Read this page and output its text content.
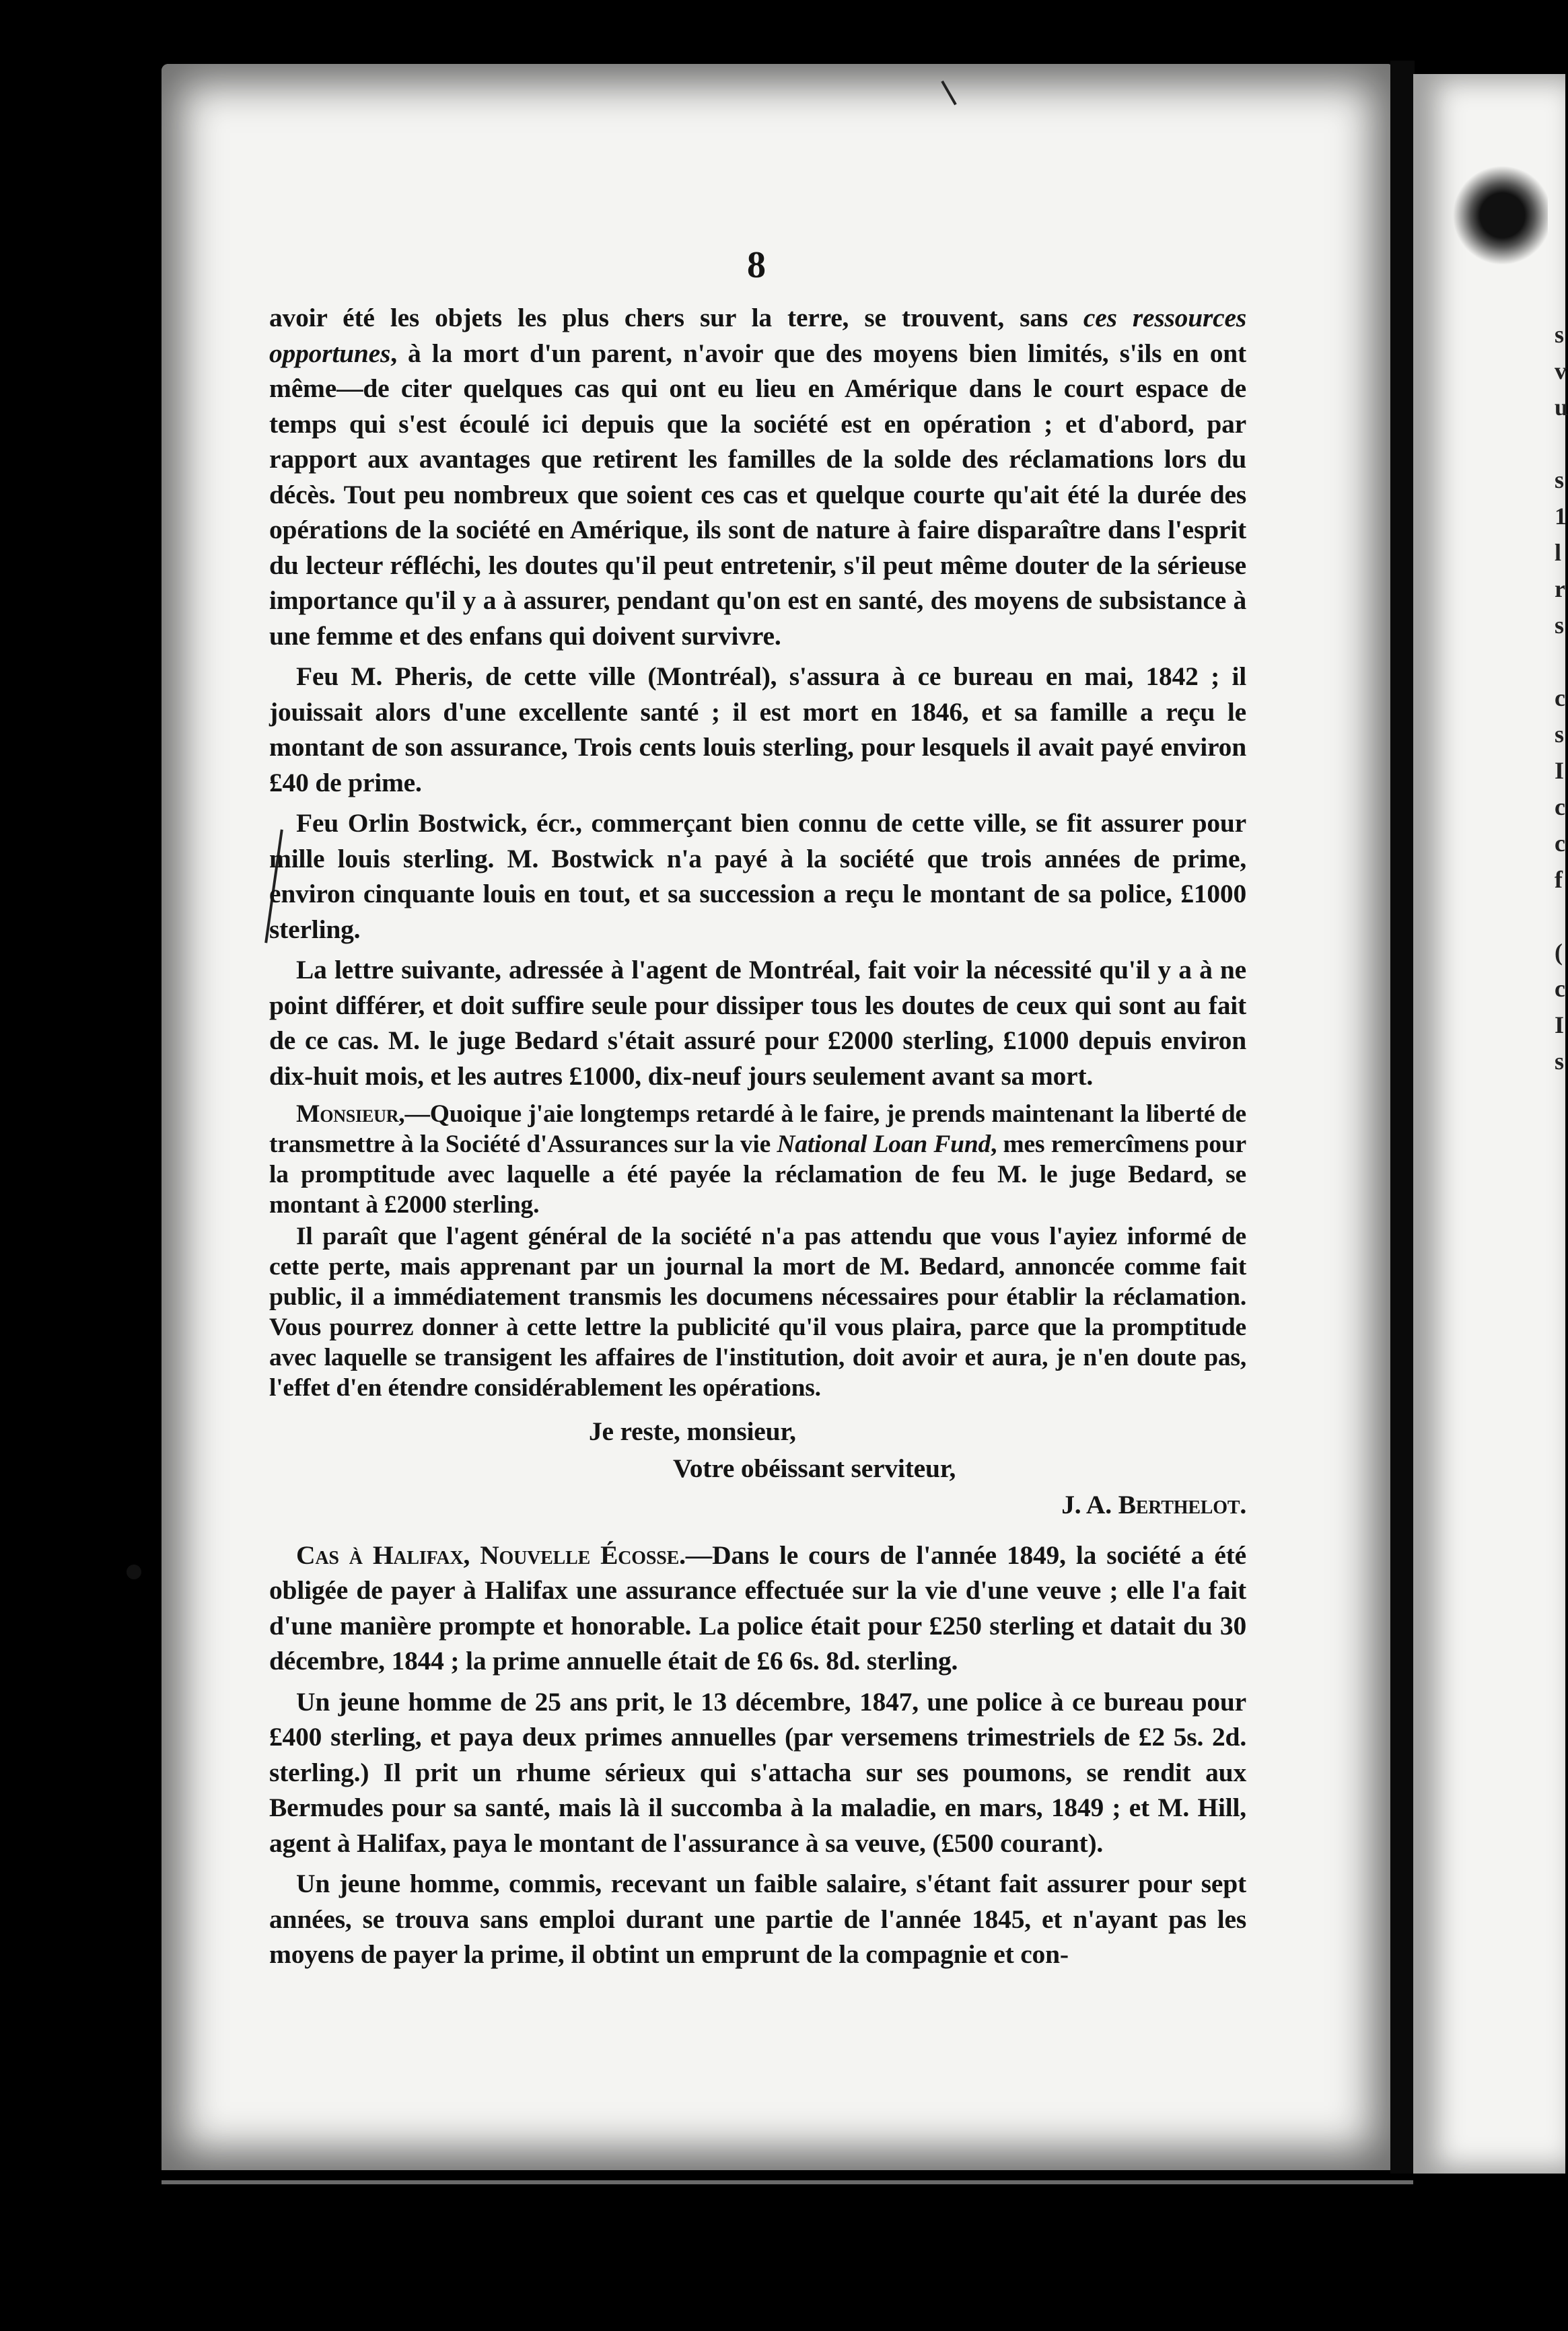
s
v
u

s
1
l
r
s

c
s
I
c
c
f

(
c
I
s
8

avoir été les objets les plus chers sur la terre, se trouvent, sans ces ressources opportunes, à la mort d'un parent, n'avoir que des moyens bien limités, s'ils en ont même—de citer quelques cas qui ont eu lieu en Amérique dans le court espace de temps qui s'est écoulé ici depuis que la société est en opération ; et d'abord, par rapport aux avantages que retirent les familles de la solde des réclamations lors du décès. Tout peu nombreux que soient ces cas et quelque courte qu'ait été la durée des opérations de la société en Amérique, ils sont de nature à faire disparaître dans l'esprit du lecteur réfléchi, les doutes qu'il peut entretenir, s'il peut même douter de la sérieuse importance qu'il y a à assurer, pendant qu'on est en santé, des moyens de subsistance à une femme et des enfans qui doivent survivre.

Feu M. Pheris, de cette ville (Montréal), s'assura à ce bureau en mai, 1842 ; il jouissait alors d'une excellente santé ; il est mort en 1846, et sa famille a reçu le montant de son assurance, Trois cents louis sterling, pour lesquels il avait payé environ £40 de prime.

Feu Orlin Bostwick, écr., commerçant bien connu de cette ville, se fit assurer pour mille louis sterling. M. Bostwick n'a payé à la société que trois années de prime, environ cinquante louis en tout, et sa succession a reçu le montant de sa police, £1000 sterling.

La lettre suivante, adressée à l'agent de Montréal, fait voir la nécessité qu'il y a à ne point différer, et doit suffire seule pour dissiper tous les doutes de ceux qui sont au fait de ce cas. M. le juge Bedard s'était assuré pour £2000 sterling, £1000 depuis environ dix-huit mois, et les autres £1000, dix-neuf jours seulement avant sa mort.

Monsieur,—Quoique j'aie longtemps retardé à le faire, je prends maintenant la liberté de transmettre à la Société d'Assurances sur la vie National Loan Fund, mes remercîmens pour la promptitude avec laquelle a été payée la réclamation de feu M. le juge Bedard, se montant à £2000 sterling.

Il paraît que l'agent général de la société n'a pas attendu que vous l'ayiez informé de cette perte, mais apprenant par un journal la mort de M. Bedard, annoncée comme fait public, il a immédiatement transmis les documens nécessaires pour établir la réclamation. Vous pourrez donner à cette lettre la publicité qu'il vous plaira, parce que la promptitude avec laquelle se transigent les affaires de l'institution, doit avoir et aura, je n'en doute pas, l'effet d'en étendre considérablement les opérations.

Je reste, monsieur,
Votre obéissant serviteur,
J. A. Berthelot.

Cas à Halifax, Nouvelle Écosse.—Dans le cours de l'année 1849, la société a été obligée de payer à Halifax une assurance effectuée sur la vie d'une veuve ; elle l'a fait d'une manière prompte et honorable. La police était pour £250 sterling et datait du 30 décembre, 1844 ; la prime annuelle était de £6 6s. 8d. sterling.

Un jeune homme de 25 ans prit, le 13 décembre, 1847, une police à ce bureau pour £400 sterling, et paya deux primes annuelles (par versemens trimestriels de £2 5s. 2d. sterling.) Il prit un rhume sérieux qui s'attacha sur ses poumons, se rendit aux Bermudes pour sa santé, mais là il succomba à la maladie, en mars, 1849 ; et M. Hill, agent à Halifax, paya le montant de l'assurance à sa veuve, (£500 courant).

Un jeune homme, commis, recevant un faible salaire, s'étant fait assurer pour sept années, se trouva sans emploi durant une partie de l'année 1845, et n'ayant pas les moyens de payer la prime, il obtint un emprunt de la compagnie et con-
